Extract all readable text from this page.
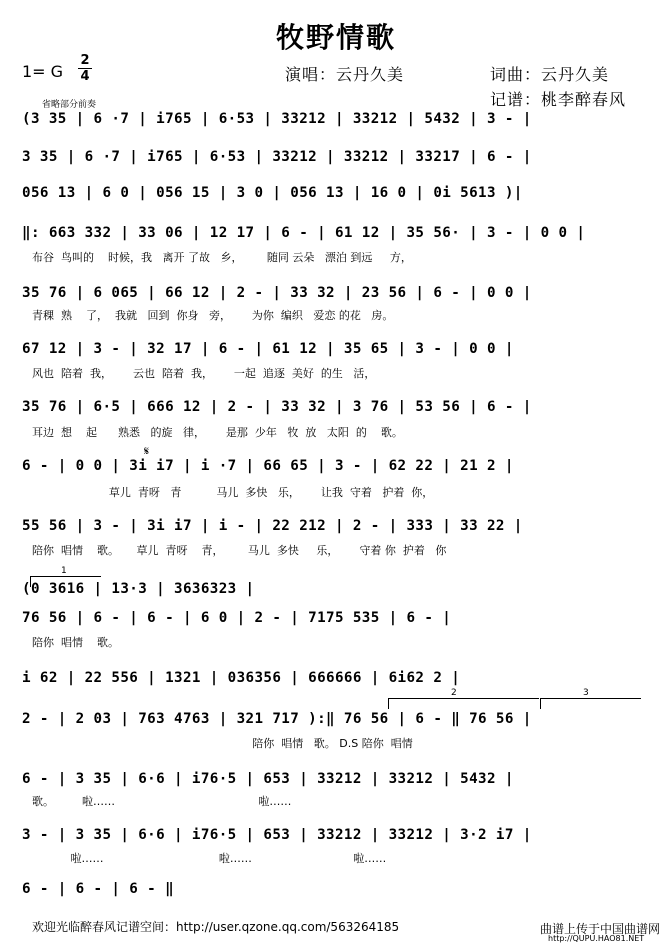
牧野情歌
1= G
2
4	演唱：云丹久美	词曲：云丹久美
记谱：桃李醉春风
省略部分前奏
(3 35 | 6 ·7 | i765 | 6·53 | 33212 | 33212 | 5432 | 3 - |
3 35 | 6 ·7 | i765 | 6·53 | 33212 | 33212 | 33217 | 6 - |
056 13 | 6 0 | 056 15 | 3 0 | 056 13 | 16 0 | 0i 5613 )|
‖: 663 332 | 33 06 | 12 17 | 6 - | 61 12 | 35 56· | 3 - | 0 0 |
布谷  鸟叫的    时候，我   离开 了故   乡，       随同 云朵   漂泊 到远     方，
35 76 | 6 065 | 66 12 | 2 - | 33 32 | 23 56 | 6 - | 0 0 |
青稞  熟    了，  我就   回到  你身   旁，      为你  编织   爱恋 的花   房。
67 12 | 3 - | 32 17 | 6 - | 61 12 | 35 65 | 3 - | 0 0 |
风也  陪着  我，      云也  陪着  我，      一起  追逐  美好  的生   活，
35 76 | 6·5 | 666 12 | 2 - | 33 32 | 3 76 | 53 56 | 6 - |
耳边  想    起      熟悉   的旋   律，      是那  少年   牧  放   太阳  的    歌。
𝄋
6 - | 0 0 | 3i i7 | i ·7 | 66 65 | 3 - | 62 22 | 21 2 |
草儿  青呀   青          马儿  多快   乐，      让我  守着   护着  你，
55 56 | 3 - | 3i i7 | i - | 22 212 | 2 - | 333 | 33 22 |
陪你  唱情    歌。     草儿  青呀    青，       马儿  多快     乐，      守着 你  护着   你
1
(0 3616 | 13·3 | 3636323 |
76 56 | 6 - | 6 - | 6 0 | 2 - | 7175 535 | 6 - |
陪你  唱情    歌。
i 62 | 22 556 | 1321 | 036356 | 666666 | 6i62 2 |
2	3
2 - | 2 03 | 763 4763 | 321 717 ):‖ 76 56 | 6 - ‖ 76 56 |
陪你  唱情   歌。 D.S 陪你  唱情
6 - | 3 35 | 6·6 | i76·5 | 653 | 33212 | 33212 | 5432 |
歌。        啦……                                         啦……
3 - | 3 35 | 6·6 | i76·5 | 653 | 33212 | 33212 | 3·2 i7 |
啦……                                 啦……                             啦……
6 - | 6 - | 6 - ‖
欢迎光临醉春风记谱空间：http://user.qzone.qq.com/563264185	曲谱上传于中国曲谱网
http://QUPU.HAO81.NET
